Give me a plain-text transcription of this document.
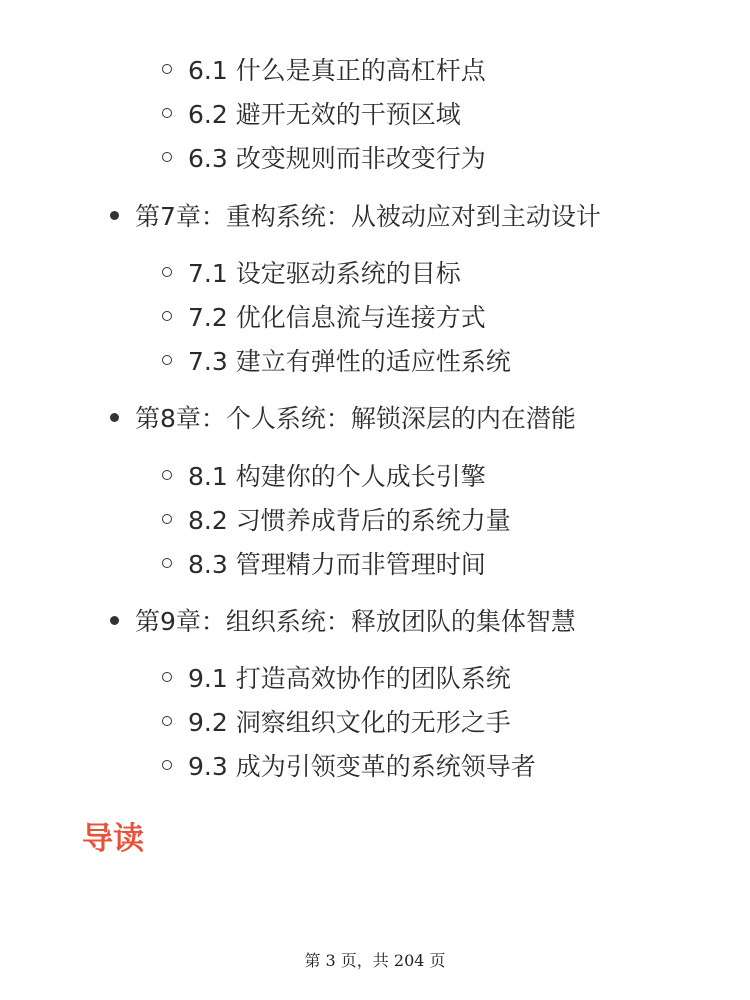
6.1 什么是真正的高杠杆点
6.2 避开无效的干预区域
6.3 改变规则而非改变行为
第7章：重构系统：从被动应对到主动设计
7.1 设定驱动系统的目标
7.2 优化信息流与连接方式
7.3 建立有弹性的适应性系统
第8章：个人系统：解锁深层的内在潜能
8.1 构建你的个人成长引擎
8.2 习惯养成背后的系统力量
8.3 管理精力而非管理时间
第9章：组织系统：释放团队的集体智慧
9.1 打造高效协作的团队系统
9.2 洞察组织文化的无形之手
9.3 成为引领变革的系统领导者
导读
第 3 页，共 204 页
